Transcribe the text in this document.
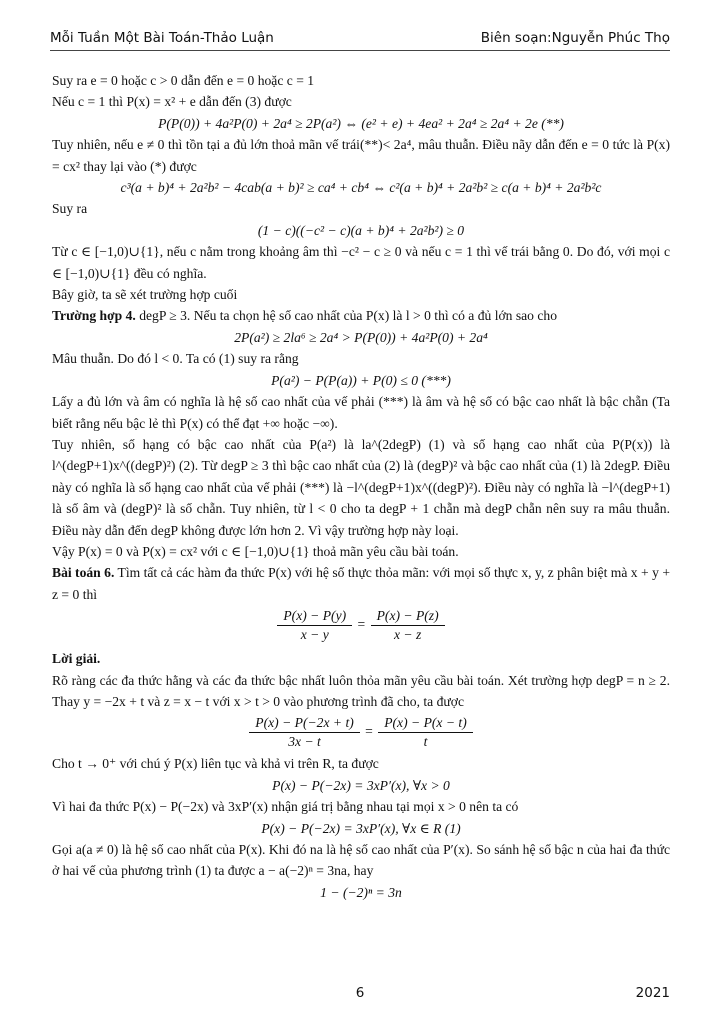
Mỗi Tuần Một Bài Toán-Thảo Luận	Biên soạn:Nguyễn Phúc Thọ

Suy ra e = 0 hoặc c > 0 dẫn đến e = 0 hoặc c = 1

Nếu c = 1 thì P(x) = x² + e dẫn đến (3) được

P(P(0)) + 4a²P(0) + 2a⁴ ≥ 2P(a²) ⇔ (e² + e) + 4ea² + 2a⁴ ≥ 2a⁴ + 2e (**)

Tuy nhiên, nếu e ≠ 0 thì tồn tại a đủ lớn thoả mãn vế trái(**)< 2a⁴, mâu thuẫn. Điều nãy dẫn đến e = 0 tức là P(x) = cx² thay lại vào (*) được

c³(a + b)⁴ + 2a²b² − 4cab(a + b)² ≥ ca⁴ + cb⁴ ⇔ c²(a + b)⁴ + 2a²b² ≥ c(a + b)⁴ + 2a²b²c

Suy ra

(1 − c)((−c² − c)(a + b)⁴ + 2a²b²) ≥ 0

Từ c ∈ [−1,0)∪{1}, nếu c nằm trong khoảng âm thì −c² − c ≥ 0 và nếu c = 1 thì vế trái bằng 0. Do đó, với mọi c ∈ [−1,0)∪{1} đều có nghĩa.

Bây giờ, ta sẽ xét trường hợp cuối

Trường hợp 4. degP ≥ 3. Nếu ta chọn hệ số cao nhất của P(x) là l > 0 thì có a đủ lớn sao cho

2P(a²) ≥ 2la⁶ ≥ 2a⁴ > P(P(0)) + 4a²P(0) + 2a⁴

Mâu thuẫn. Do đó l < 0. Ta có (1) suy ra rằng

P(a²) − P(P(a)) + P(0) ≤ 0 (***)

Lấy a đủ lớn và âm có nghĩa là hệ số cao nhất của vế phải (***) là âm và hệ số có bậc cao nhất là bậc chẵn (Ta biết rằng nếu bậc lẻ thì P(x) có thể đạt +∞ hoặc −∞).

Tuy nhiên, số hạng có bậc cao nhất của P(a²) là la^(2degP) (1) và số hạng cao nhất của P(P(x)) là l^(degP+1)x^((degP)²) (2). Từ degP ≥ 3 thì bậc cao nhất của (2) là (degP)² và bậc cao nhất của (1) là 2degP. Điều này có nghĩa là số hạng cao nhất của vế phải (***) là −l^(degP+1)x^((degP)²). Điều này có nghĩa là −l^(degP+1) là số âm và (degP)² là số chẵn. Tuy nhiên, từ l < 0 cho ta degP + 1 chẵn mà degP chẵn nên suy ra mâu thuẫn. Điều này dẫn đến degP không được lớn hơn 2. Vì vậy trường hợp này loại.

Vậy P(x) = 0 và P(x) = cx² với c ∈ [−1,0)∪{1} thoả mãn yêu cầu bài toán.

Bài toán 6. Tìm tất cả các hàm đa thức P(x) với hệ số thực thỏa mãn: với mọi số thực x, y, z phân biệt mà x + y + z = 0 thì

$\frac{P(x) - P(y)}{x - y} = \frac{P(x) - P(z)}{x - z}$

Lời giải.

Rõ ràng các đa thức hằng và các đa thức bậc nhất luôn thỏa mãn yêu cầu bài toán. Xét trường hợp degP = n ≥ 2. Thay y = −2x + t và z = x − t với x > t > 0 vào phương trình đã cho, ta được

$\frac{P(x) - P(-2x + t)}{3x - t} = \frac{P(x) - P(x - t)}{t}$

Cho t → 0⁺ với chú ý P(x) liên tục và khả vi trên R, ta được

P(x) − P(−2x) = 3xP′(x), ∀x > 0

Vì hai đa thức P(x) − P(−2x) và 3xP′(x) nhận giá trị bằng nhau tại mọi x > 0 nên ta có

P(x) − P(−2x) = 3xP′(x), ∀x ∈ R (1)

Gọi a(a ≠ 0) là hệ số cao nhất của P(x). Khi đó na là hệ số cao nhất của P′(x). So sánh hệ số bậc n của hai đa thức ở hai vế của phương trình (1) ta được a − a(−2)ⁿ = 3na, hay

1 − (−2)ⁿ = 3n

6	2021
